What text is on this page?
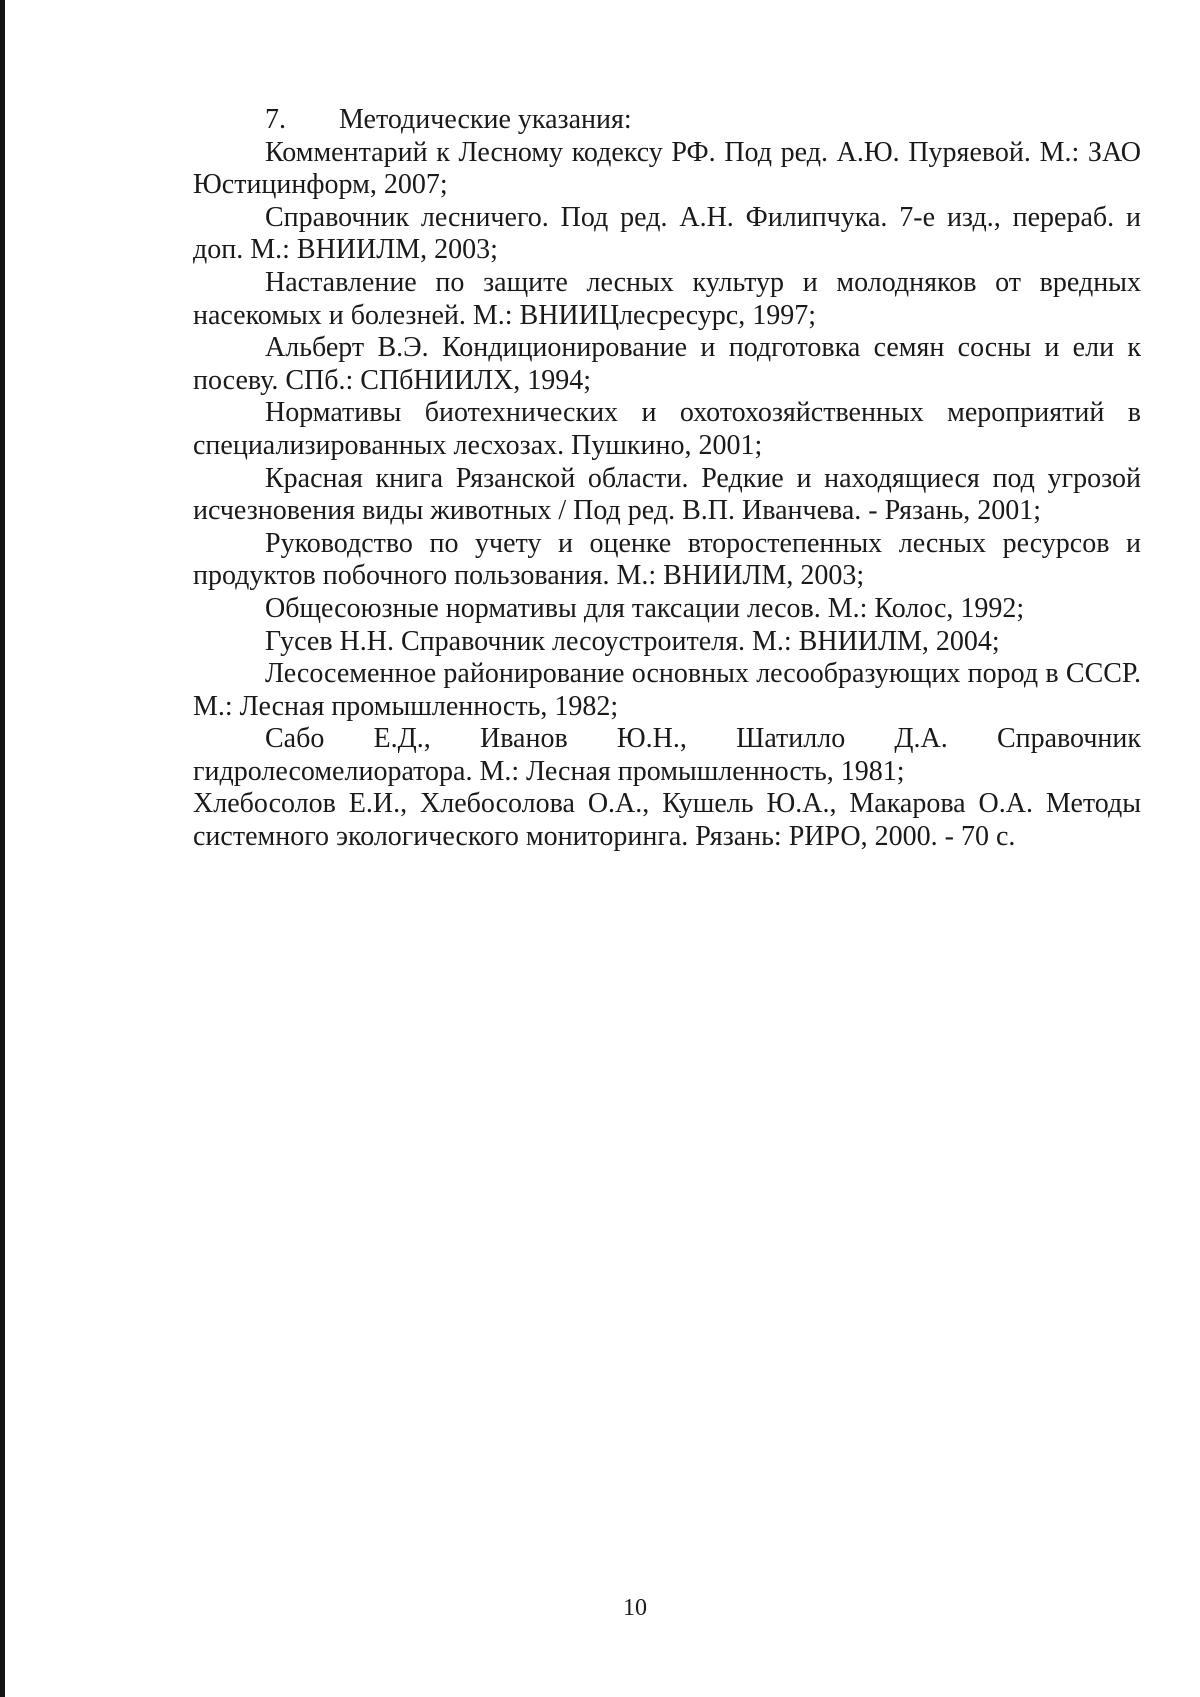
7. Методические указания:

Комментарий к Лесному кодексу РФ. Под ред. А.Ю. Пуряевой. М.: ЗАО Юстицинформ, 2007;

Справочник лесничего. Под ред. А.Н. Филипчука. 7-е изд., перераб. и доп. М.: ВНИИЛМ, 2003;

Наставление по защите лесных культур и молодняков от вредных насекомых и болезней. М.: ВНИИЦлесресурс, 1997;

Альберт В.Э. Кондиционирование и подготовка семян сосны и ели к посеву. СПб.: СПбНИИЛХ, 1994;

Нормативы биотехнических и охотохозяйственных мероприятий в специализированных лесхозах. Пушкино, 2001;

Красная книга Рязанской области. Редкие и находящиеся под угрозой исчезновения виды животных / Под ред. В.П. Иванчева. - Рязань, 2001;

Руководство по учету и оценке второстепенных лесных ресурсов и продуктов побочного пользования. М.: ВНИИЛМ, 2003;

Общесоюзные нормативы для таксации лесов. М.: Колос, 1992;

Гусев Н.Н. Справочник лесоустроителя. М.: ВНИИЛМ, 2004;

Лесосеменное районирование основных лесообразующих пород в СССР. М.: Лесная промышленность, 1982;

Сабо Е.Д., Иванов Ю.Н., Шатилло Д.А. Справочник гидролесомелиоратора. М.: Лесная промышленность, 1981;

Хлебосолов Е.И., Хлебосолова О.А., Кушель Ю.А., Макарова О.А. Методы системного экологического мониторинга. Рязань: РИРО, 2000. - 70 с.

10
